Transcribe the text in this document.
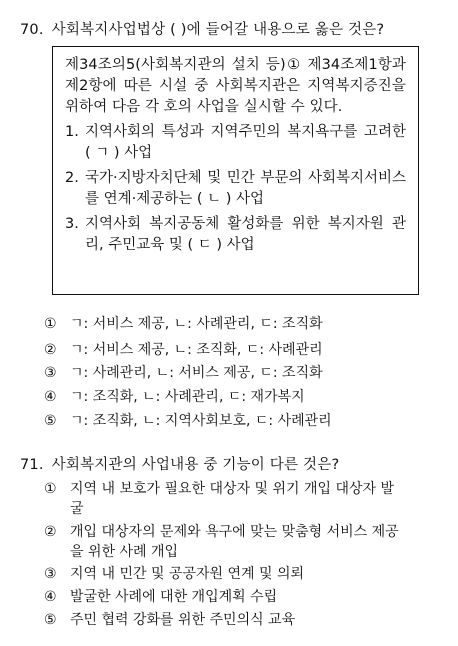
70. 사회복지사업법상 ( )에 들어갈 내용으로 옳은 것은?
제34조의5(사회복지관의 설치 등)① 제34조제1항과 제2항에 따른 시설 중 사회복지관은 지역복지증진을 위하여 다음 각 호의 사업을 실시할 수 있다.
1. 지역사회의 특성과 지역주민의 복지욕구를 고려한 ( ㄱ ) 사업
2. 국가·지방자치단체 및 민간 부문의 사회복지서비스를 연계·제공하는 ( ㄴ ) 사업
3. 지역사회 복지공동체 활성화를 위한 복지자원 관리, 주민교육 및 ( ㄷ ) 사업
① ㄱ: 서비스 제공, ㄴ: 사례관리, ㄷ: 조직화
② ㄱ: 서비스 제공, ㄴ: 조직화, ㄷ: 사례관리
③ ㄱ: 사례관리, ㄴ: 서비스 제공, ㄷ: 조직화
④ ㄱ: 조직화, ㄴ: 사례관리, ㄷ: 재가복지
⑤ ㄱ: 조직화, ㄴ: 지역사회보호, ㄷ: 사례관리
71. 사회복지관의 사업내용 중 기능이 다른 것은?
① 지역 내 보호가 필요한 대상자 및 위기 개입 대상자 발
굴
② 개입 대상자의 문제와 욕구에 맞는 맞춤형 서비스 제공
을 위한 사례 개입
③ 지역 내 민간 및 공공자원 연계 및 의뢰
④ 발굴한 사례에 대한 개입계획 수립
⑤ 주민 협력 강화를 위한 주민의식 교육
